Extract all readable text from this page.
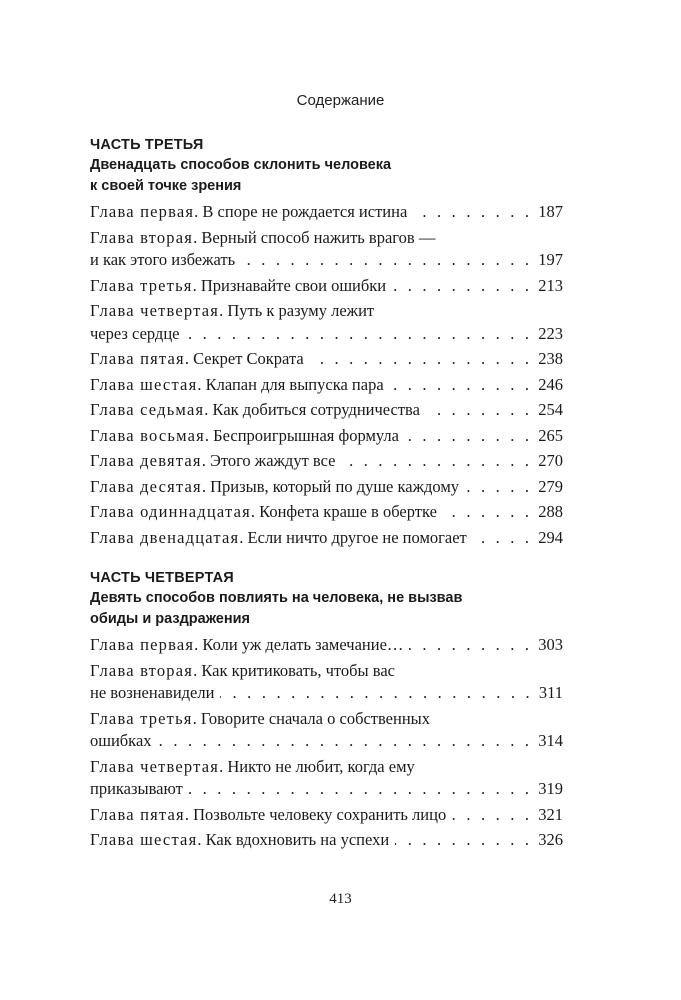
Содержание
ЧАСТЬ ТРЕТЬЯ
Двенадцать способов склонить человека
к своей точке зрения
Глава первая. В споре не рождается истина . . .	187
Глава вторая. Верный способ нажить врагов —
и как этого избежать . . .	197
Глава третья. Признавайте свои ошибки . . .	213
Глава четвертая. Путь к разуму лежит
через сердце . . .	223
Глава пятая. Секрет Сократа . . .	238
Глава шестая. Клапан для выпуска пара . . .	246
Глава седьмая. Как добиться сотрудничества . . .	254
Глава восьмая. Беспроигрышная формула . . .	265
Глава девятая. Этого жаждут все . . .	270
Глава десятая. Призыв, который по душе каждому . . .	279
Глава одиннадцатая. Конфета краше в обертке . . .	288
Глава двенадцатая. Если ничто другое не помогает . . .	294
ЧАСТЬ ЧЕТВЕРТАЯ
Девять способов повлиять на человека, не вызвав
обиды и раздражения
Глава первая. Коли уж делать замечание… . . .	303
Глава вторая. Как критиковать, чтобы вас
не возненавидели . . .	311
Глава третья. Говорите сначала о собственных
ошибках . . .	314
Глава четвертая. Никто не любит, когда ему
приказывают . . .	319
Глава пятая. Позвольте человеку сохранить лицо . . .	321
Глава шестая. Как вдохновить на успехи . . .	326
413
